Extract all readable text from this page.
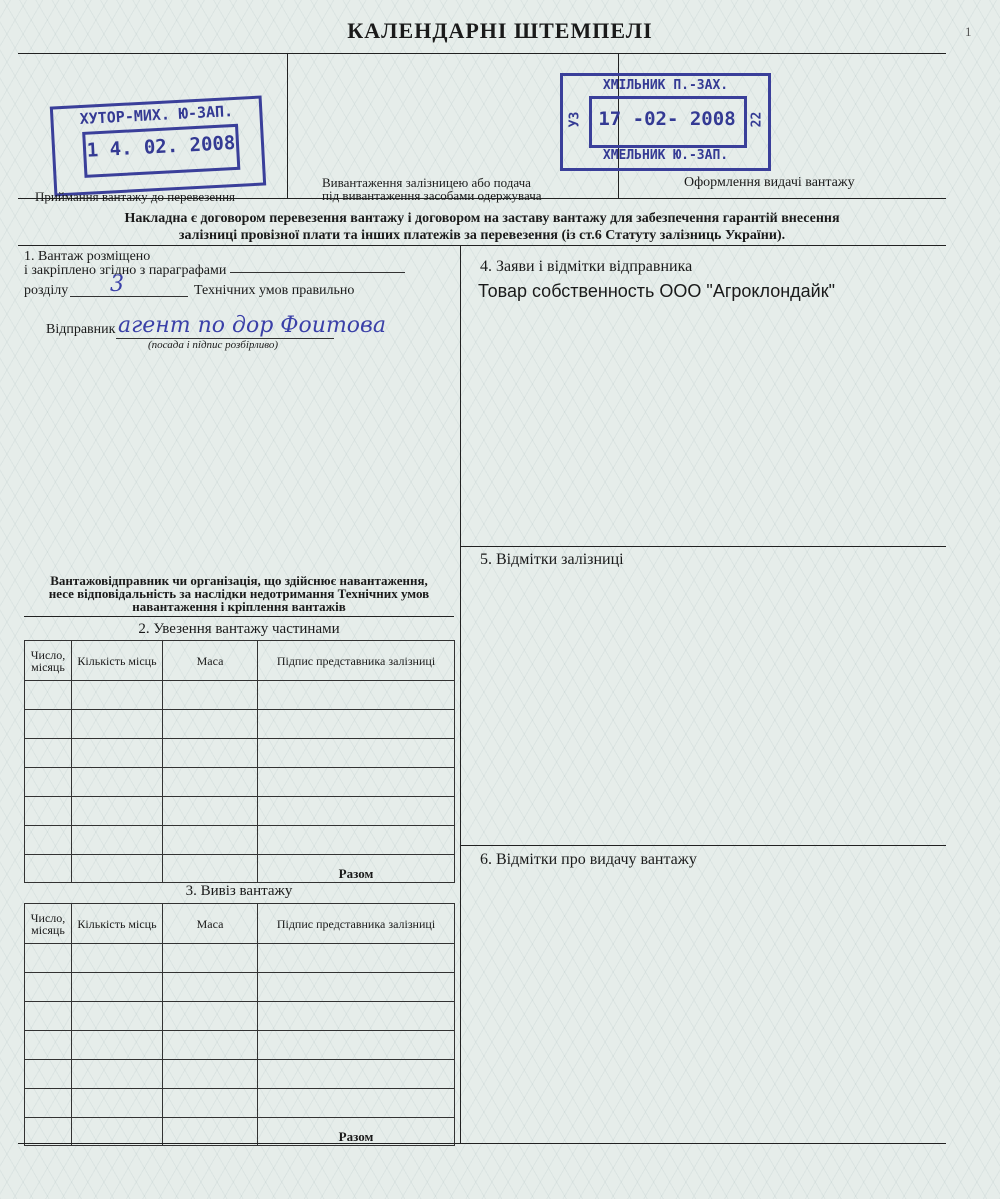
КАЛЕНДАРНІ ШТЕМПЕЛІ	1
ХУТОР-МИХ. Ю-ЗАП.
1 4. 02. 2008
ХМІЛЬНИК П.-ЗАХ.
17 -02- 2008
УЗ	22
ХМЕЛЬНИК Ю.-ЗАП.
Приймання вантажу до перевезення
Вивантаження залізницею або подача
під вивантаження засобами одержувача
Оформлення видачі вантажу
Накладна є договором перевезення вантажу і договором на заставу вантажу для забезпечення гарантій внесення
залізниці провізної плати та інших платежів за перевезення (із ст.6 Статуту залізниць України).
1. Вантаж розміщено
і закріплено згідно з параграфами
розділу 3	Технічних умов правильно
Відправник агент по дор Фоитова
(посада і підпис розбірливо)
Вантажовідправник чи організація, що здійснює навантаження,
несе відповідальність за наслідки недотримання Технічних умов
навантаження і кріплення вантажів
2. Увезення вантажу частинами
Число, місяць	Кількість місць	Маса	Підпис представника залізниці

			Разом
3. Вивіз вантажу
Число, місяць	Кількість місць	Маса	Підпис представника залізниці

			Разом
4. Заяви і відмітки відправника
Товар собственность ООО "Агроклондайк"
5. Відмітки залізниці
6. Відмітки про видачу вантажу
